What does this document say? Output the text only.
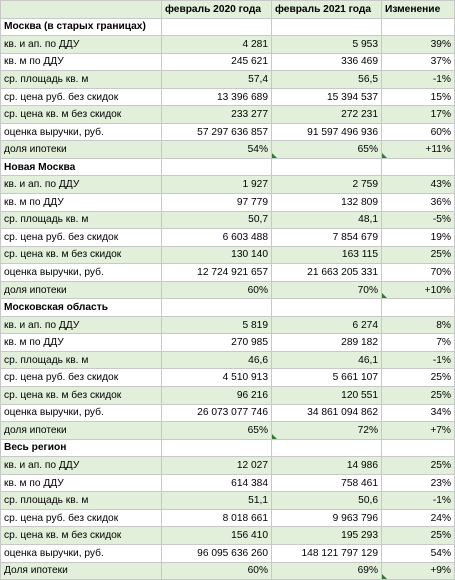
	февраль 2020 года	февраль 2021 года	Изменение
Москва (в старых границах)			
кв. и ап. по ДДУ	4 281	5 953	39%
кв. м по ДДУ	245 621	336 469	37%
ср. площадь кв. м	57,4	56,5	-1%
ср. цена руб. без скидок	13 396 689	15 394 537	15%
ср. цена кв. м без скидок	233 277	272 231	17%
оценка выручки, руб.	57 297 636 857	91 597 496 936	60%
доля ипотеки	54%	65%	+11%
Новая Москва			
кв. и ап. по ДДУ	1 927	2 759	43%
кв. м по ДДУ	97 779	132 809	36%
ср. площадь кв. м	50,7	48,1	-5%
ср. цена руб. без скидок	6 603 488	7 854 679	19%
ср. цена кв. м без скидок	130 140	163 115	25%
оценка выручки, руб.	12 724 921 657	21 663 205 331	70%
доля ипотеки	60%	70%	+10%
Московская область			
кв. и ап. по ДДУ	5 819	6 274	8%
кв. м по ДДУ	270 985	289 182	7%
ср. площадь кв. м	46,6	46,1	-1%
ср. цена руб. без скидок	4 510 913	5 661 107	25%
ср. цена кв. м без скидок	96 216	120 551	25%
оценка выручки, руб.	26 073 077 746	34 861 094 862	34%
доля ипотеки	65%	72%	+7%
Весь регион			
кв. и ап. по ДДУ	12 027	14 986	25%
кв. м по ДДУ	614 384	758 461	23%
ср. площадь кв. м	51,1	50,6	-1%
ср. цена руб. без скидок	8 018 661	9 963 796	24%
ср. цена кв. м без скидок	156 410	195 293	25%
оценка выручки, руб.	96 095 636 260	148 121 797 129	54%
Доля ипотеки	60%	69%	+9%
